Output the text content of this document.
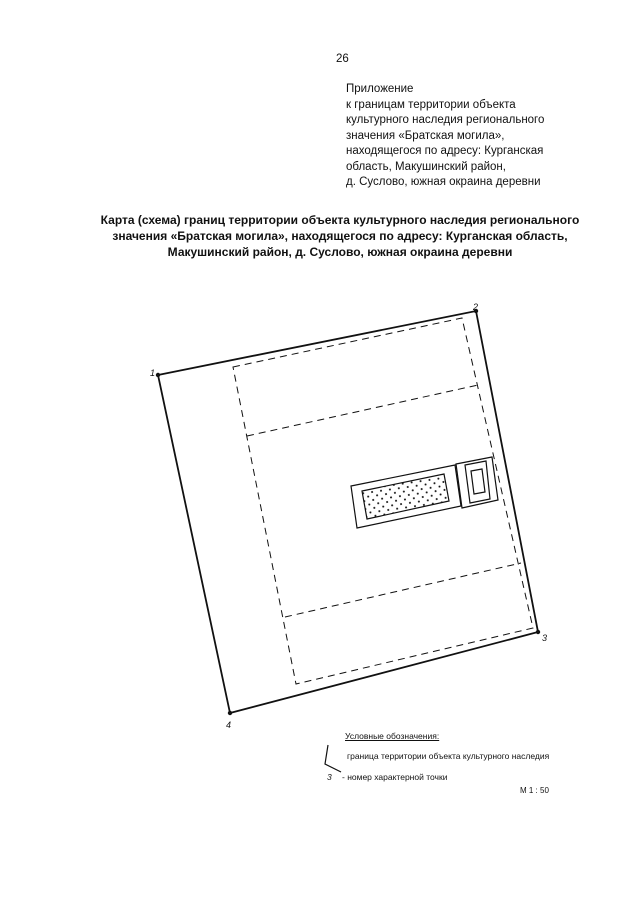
26
Приложение
к границам территории объекта
культурного наследия регионального
значения «Братская могила»,
находящегося по адресу: Курганская
область, Макушинский район,
д. Суслово, южная окраина деревни
Карта (схема) границ территории объекта культурного наследия регионального
значения «Братская могила», находящегося по адресу: Курганская область,
Макушинский район, д. Суслово, южная окраина деревни
1
2
3
4
Условные обозначения:
граница территории объекта культурного наследия
3 - номер характерной точки
М 1 : 50
